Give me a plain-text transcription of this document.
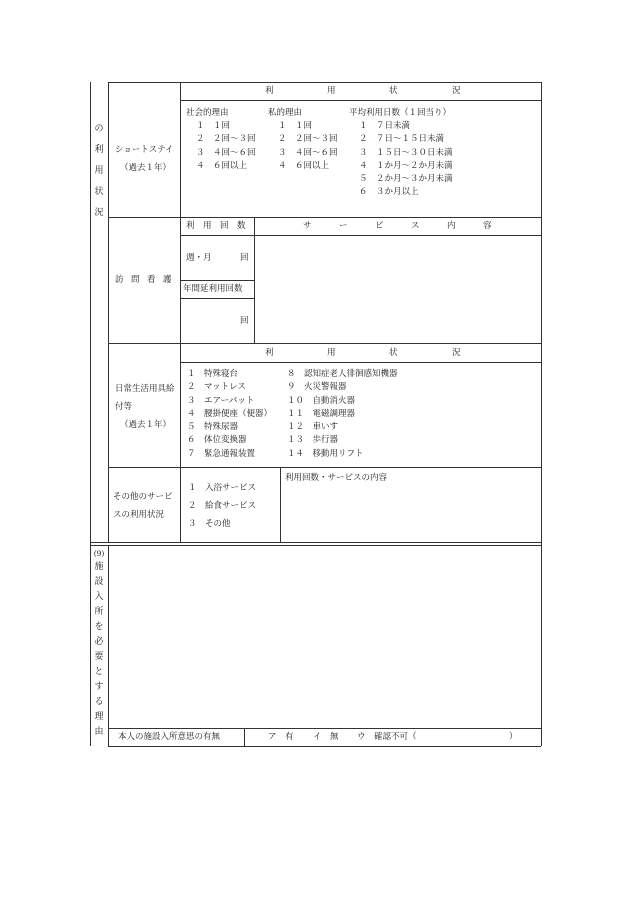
の
利
用
状
況
(9)
施
設
入
所
を
必
要
と
す
る
理
由
ショートステイ
（過去１年）
利	用	状	況
社会的理由
１　１回
２　２回～３回
３　４回～６回
４　６回以上
私的理由
１　１回
２　２回～３回
３　４回～６回
４　６回以上
平均利用日数（１回当り）
１　７日未満
２　７日～１５日未満
３　１５日～３０日未満
４　１か月～２か月未満
５　２か月～３か月未満
６　３か月以上
訪 問 看 護
利　用　回　数	サ	ー	ビ	ス	内	容
週・月	回
年間延利用回数
回
日常生活用具給
付等
（過去１年）
利	用	状	況
１　特殊寝台
２　マットレス
３　エアーパット
４　腰掛便座（便器）
５　特殊尿器
６　体位変換器
７　緊急通報装置
８　認知症老人徘徊感知機器
９　火災警報器
１０　自動消火器
１１　電磁調理器
１２　車いす
１３　歩行器
１４　移動用リフト
その他のサービ
スの利用状況
１　入浴サービス
２　給食サービス
３　その他
利用回数・サービスの内容
本人の施設入所意思の有無	ア　有 イ　無 ウ　確認不可（	）
